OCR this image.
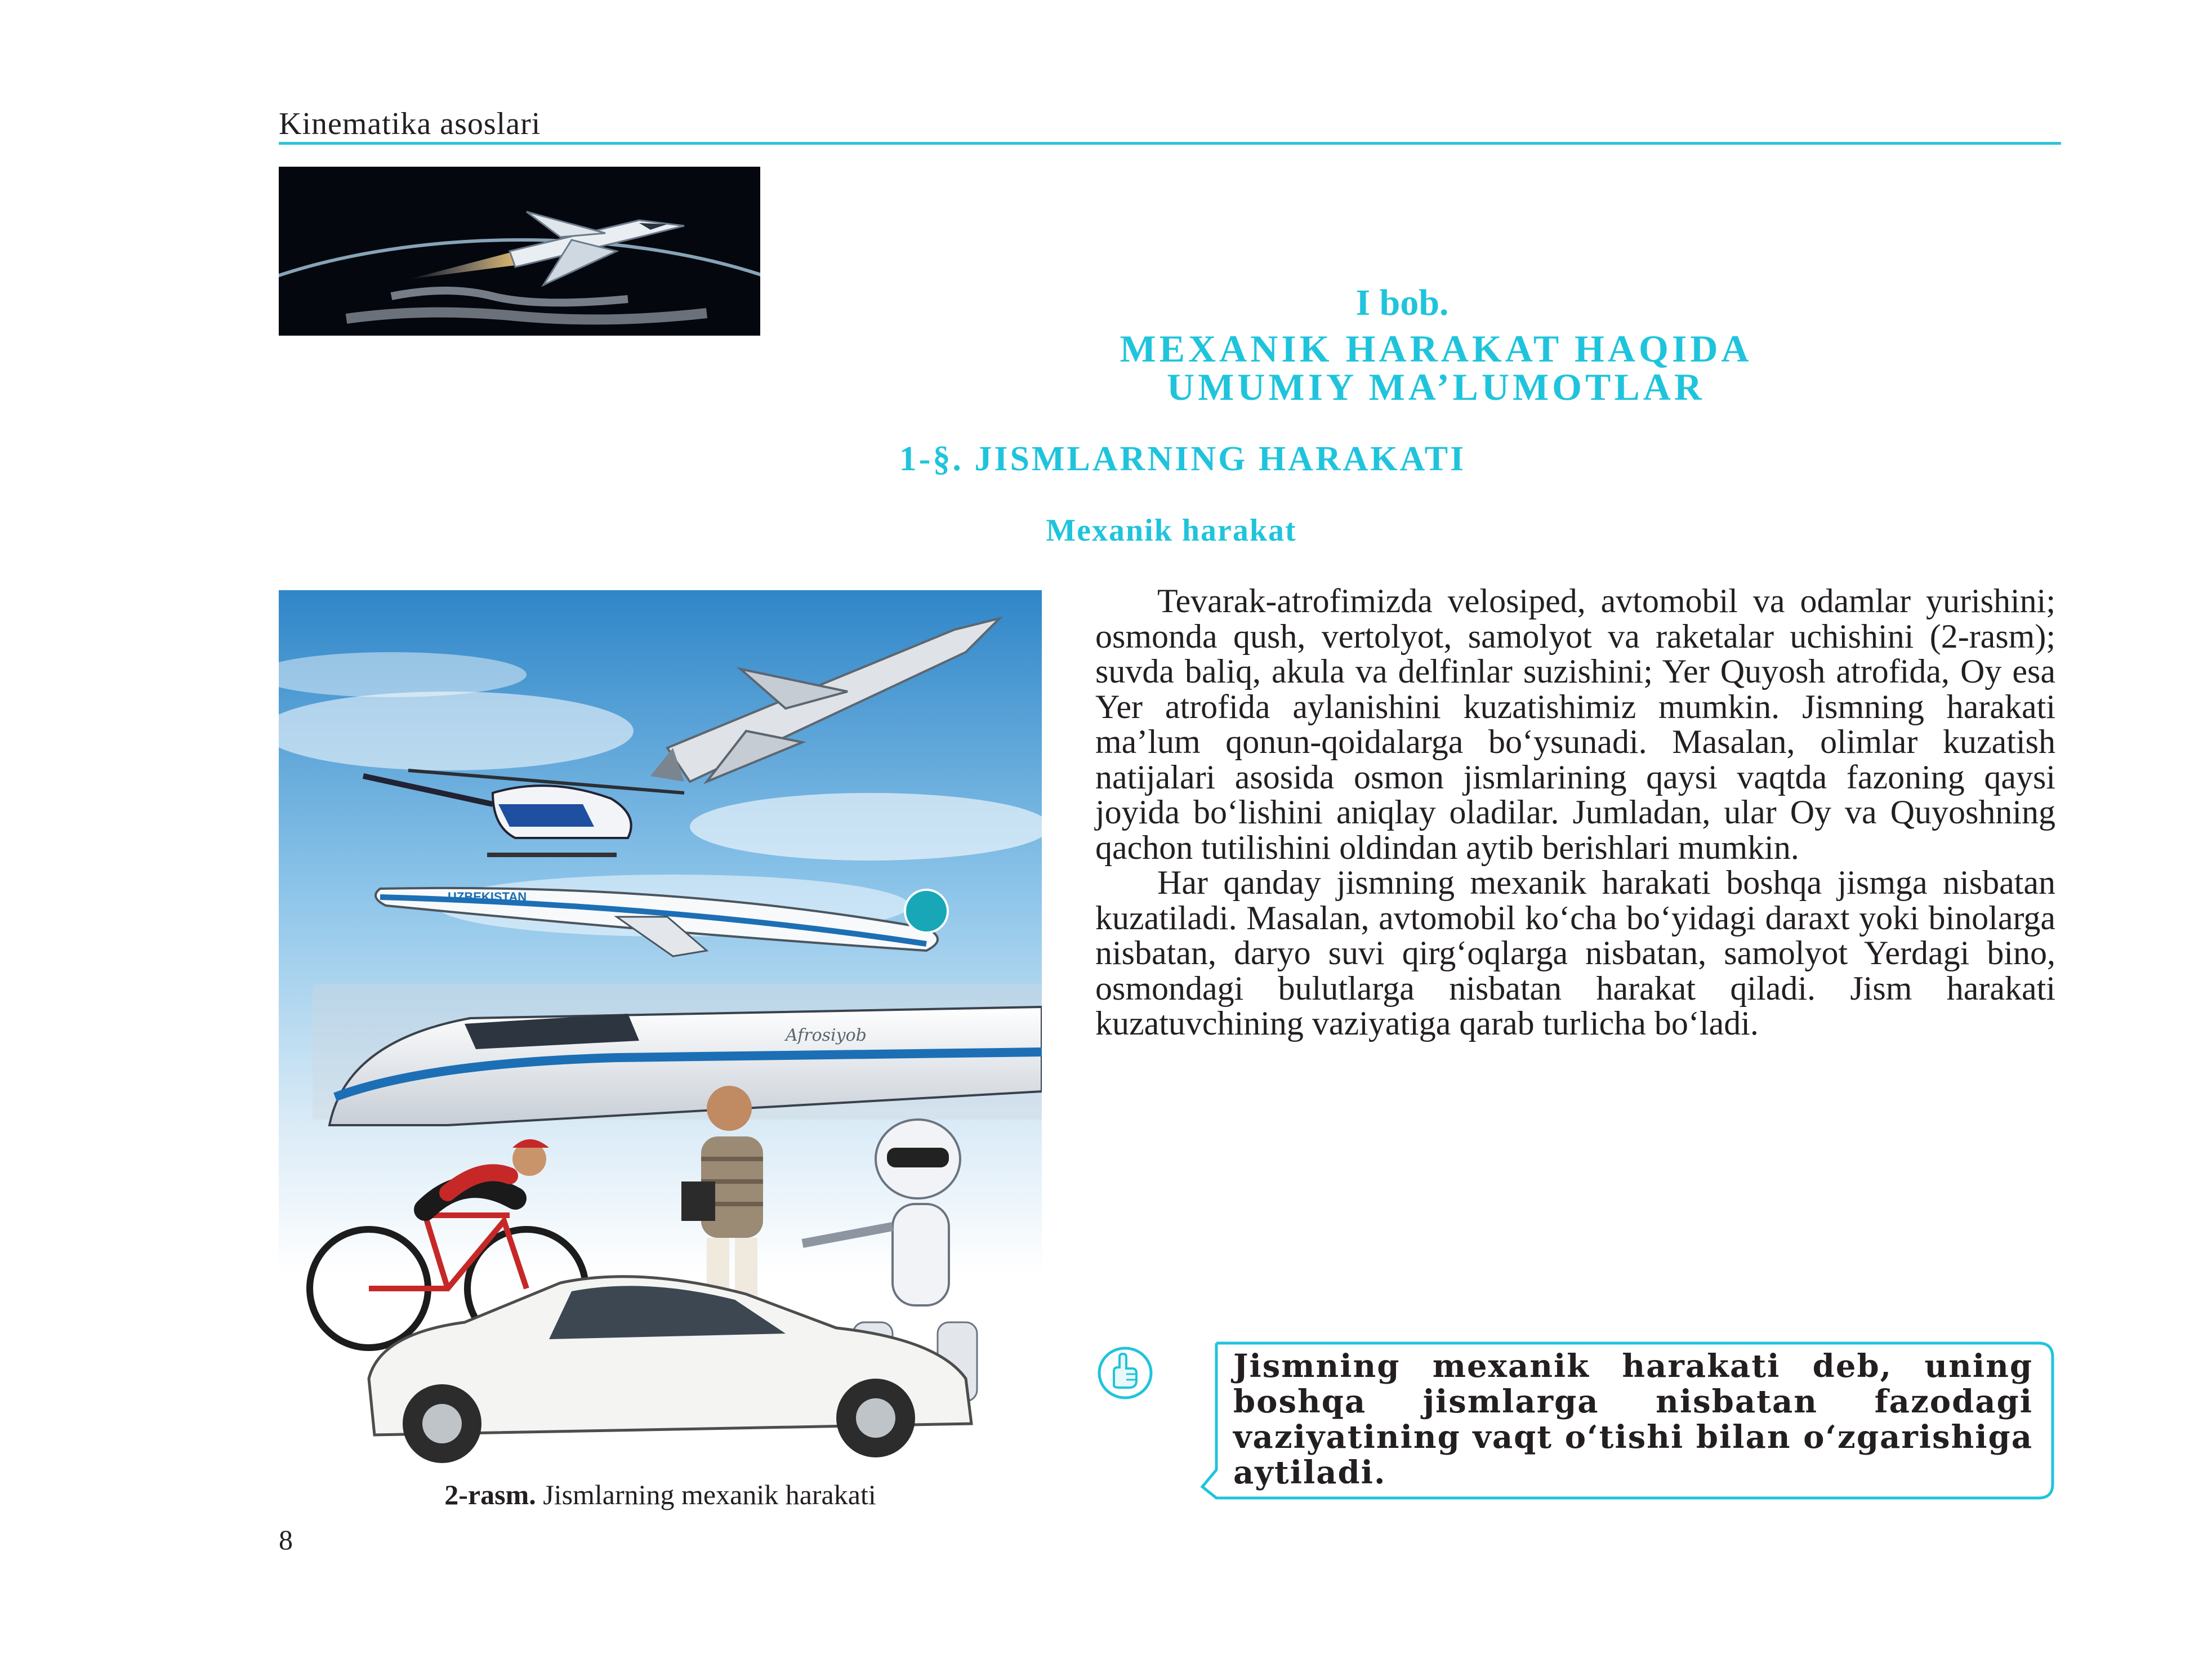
Kinematika asoslari
I bob.
MEXANIK HARAKAT HAQIDA
UMUMIY MA’LUMOTLAR
1-§. JISMLARNING HARAKATI
Mexanik harakat
UZBEKISTAN
Afrosiyob
2-rasm. Jismlarning mexanik harakati

Tevarak-atrofimizda velosiped, avtomobil va odamlar yurishini; osmonda qush, vertolyot, samolyot va raketalar uchishini (2-rasm); suvda baliq, akula va delfinlar suzishini; Yer Quyosh atrofida, Oy esa Yer atrofida aylanishini kuzatishimiz mumkin. Jismning harakati ma’lum qonun-qoidalarga bo‘ysunadi. Masalan, olimlar kuzatish natijalari asosida osmon jismlarining qaysi vaqtda fazoning qaysi joyida bo‘lishini aniqlay oladilar. Jumladan, ular Oy va Quyoshning qachon tutilishini oldindan aytib berishlari mumkin.

Har qanday jismning mexanik harakati boshqa jismga nisbatan kuzatiladi. Masalan, avtomobil ko‘cha bo‘yidagi daraxt yoki binolarga nisbatan, daryo suvi qirg‘oqlarga nisbatan, samolyot Yerdagi bino, osmondagi bulutlarga nisbatan harakat qiladi. Jism harakati kuzatuvchining vaziyatiga qarab turlicha bo‘ladi.

Jismning mexanik harakati deb, uning boshqa jismlarga nisbatan fazodagi vaziyatining vaqt o‘tishi bilan o‘zgarishiga aytiladi.
8
